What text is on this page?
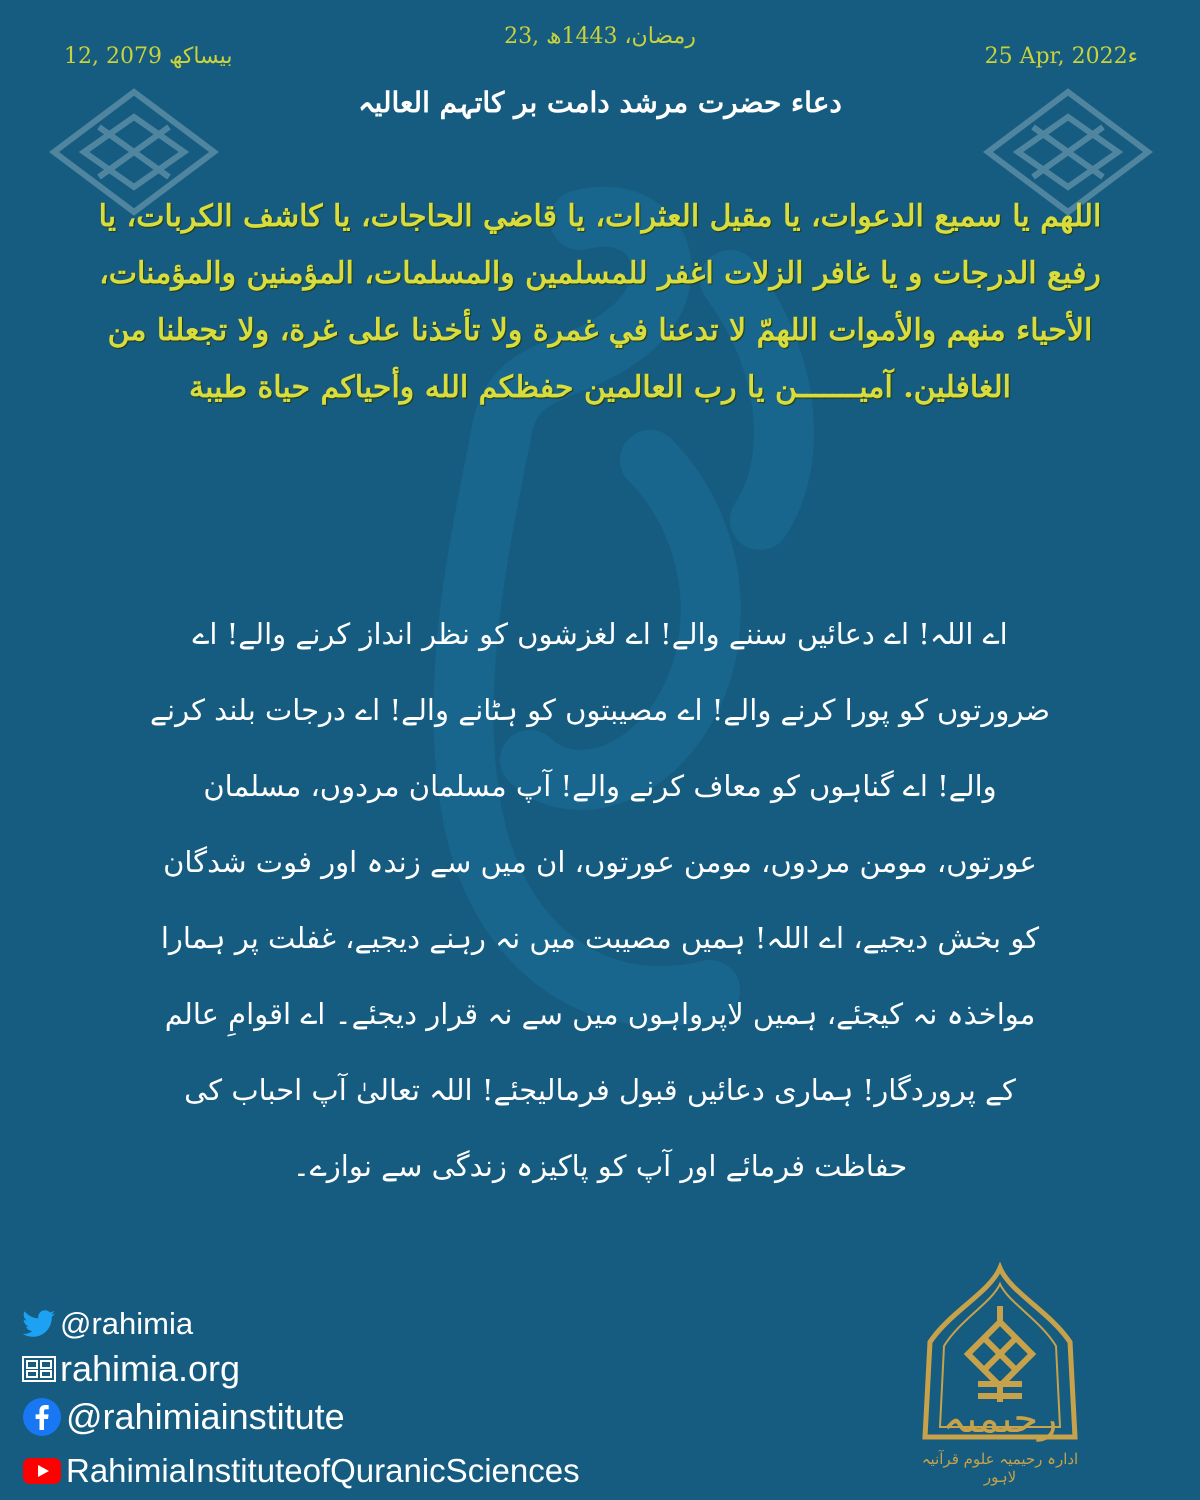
23, رمضان، 1443ھ
25 Apr, 2022ء
12, بیساکھ 2079
دعاء حضرت مرشد دامت بر کاتہم العالیہ
اللهم یا سمیع الدعوات، یا مقیل العثرات، یا قاضي الحاجات، یا کاشف الکربات، یا رفیع الدرجات و یا غافر الزلات اغفر للمسلمین والمسلمات، المؤمنین والمؤمنات، الأحیاء منهم والأموات اللهمّ لا تدعنا في غمرة ولا تأخذنا علی غرة، ولا تجعلنا من الغافلین. آمیـــــــن یا رب العالمین حفظکم الله وأحیاکم حیاة طیبة
اے اللہ! اے دعائیں سننے والے! اے لغزشوں کو نظر انداز کرنے والے! اے ضرورتوں کو پورا کرنے والے! اے مصیبتوں کو ہٹانے والے! اے درجات بلند کرنے والے! اے گناہوں کو معاف کرنے والے! آپ مسلمان مردوں، مسلمان عورتوں، مومن مردوں، مومن عورتوں، ان میں سے زندہ اور فوت شدگان کو بخش دیجیے، اے اللہ! ہمیں مصیبت میں نہ رہنے دیجیے، غفلت پر ہمارا مواخذہ نہ کیجئے، ہمیں لاپرواہوں میں سے نہ قرار دیجئے۔ اے اقوامِ عالم کے پروردگار! ہماری دعائیں قبول فرمالیجئے! اللہ تعالیٰ آپ احباب کی حفاظت فرمائے اور آپ کو پاکیزہ زندگی سے نوازے۔
@rahimia
rahimia.org
@rahimiainstitute
RahimiaInstituteofQuranicSciences
رحیمیہ
ادارہ رحیمیہ علوم قرآنیہ لاہور
